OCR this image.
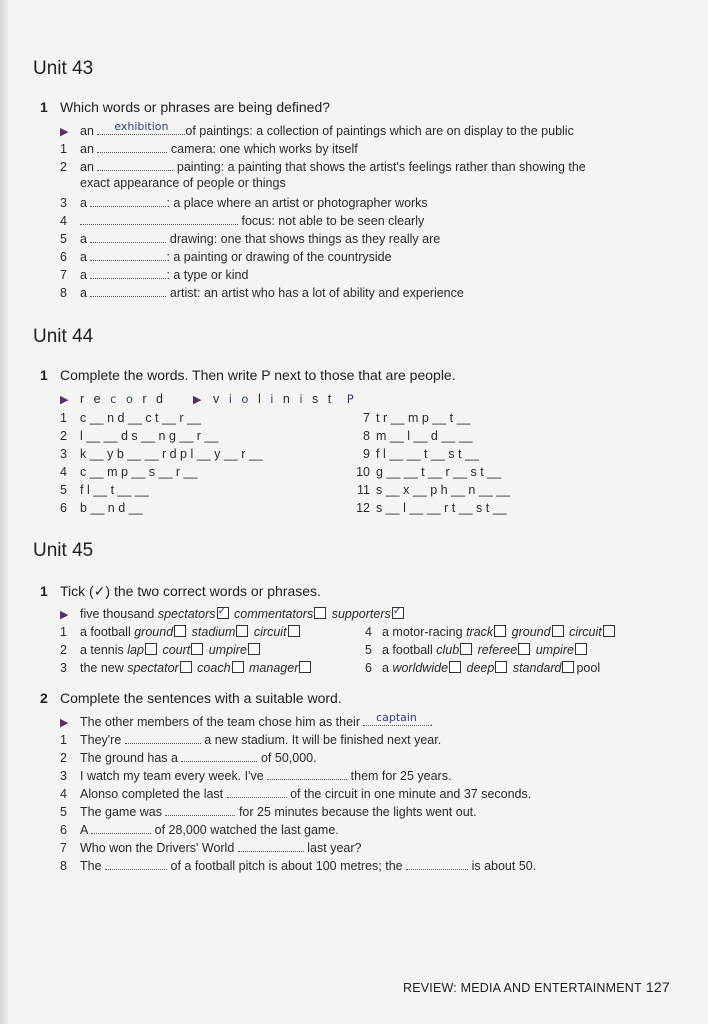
Unit 43
1 Which words or phrases are being defined?
▶ an	exhibition	of paintings: a collection of paintings which are on display to the public
1 an	camera: one which works by itself
2 an	painting: a painting that shows the artist's feelings rather than showing the
exact appearance of people or things
3 a	: a place where an artist or photographer works
4	focus: not able to be seen clearly
5 a	drawing: one that shows things as they really are
6 a	: a painting or drawing of the countryside
7 a	: a type or kind
8 a	artist: an artist who has a lot of ability and experience
Unit 44
1 Complete the words. Then write P next to those that are people.
▶ r e c o r d ▶ v i o l i n i s t P
1 c __ n d __ c t __ r __
2 l __ __ d s __ n g __ r __
3 k __ y b __ __ r d p l __ y __ r __
4 c __ m p __ s __ r __
5 f l __ t __ __
6 b __ n d __
7 t r __ m p __ t __
8 m __ l __ d __ __
9 f l __ __ t __ s t __
10 g __ __ t __ r __ s t __
11 s __ x __ p h __ n __ __
12 s __ l __ __ r t __ s t __
Unit 45
1 Tick (✓) the two correct words or phrases.
▶ five thousand spectators ✓ commentators supporters ✓
1 a football ground stadium circuit
2 a tennis lap court umpire
3 the new spectator coach manager
4 a motor-racing track ground circuit
5 a football club referee umpire
6 a worldwide deep standard pool
2 Complete the sentences with a suitable word.
▶ The other members of the team chose him as their	captain	.
1 They're	a new stadium. It will be finished next year.
2 The ground has a	of 50,000.
3 I watch my team every week. I've	them for 25 years.
4 Alonso completed the last	of the circuit in one minute and 37 seconds.
5 The game was	for 25 minutes because the lights went out.
6 A	of 28,000 watched the last game.
7 Who won the Drivers' World	last year?
8 The	of a football pitch is about 100 metres; the	is about 50.
REVIEW: MEDIA AND ENTERTAINMENT 127
